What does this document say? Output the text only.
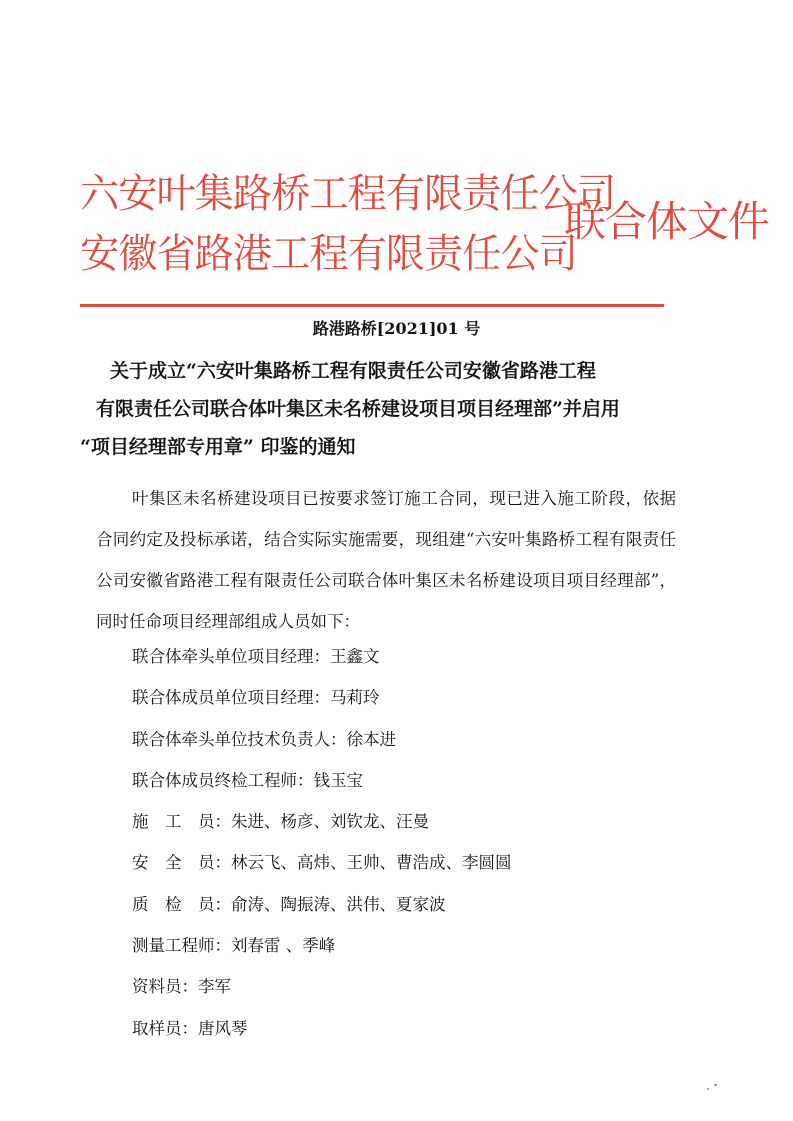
六安叶集路桥工程有限责任公司
安徽省路港工程有限责任公司
联合体文件
路港路桥[2021]01 号
关于成立“六安叶集路桥工程有限责任公司安徽省路港工程
有限责任公司联合体叶集区未名桥建设项目项目经理部”并启用
“项目经理部专用章” 印鉴的通知

叶集区未名桥建设项目已按要求签订施工合同，现已进入施工阶段，依据合同约定及投标承诺，结合实际实施需要，现组建“六安叶集路桥工程有限责任公司安徽省路港工程有限责任公司联合体叶集区未名桥建设项目项目经理部”，同时任命项目经理部组成人员如下：

联合体牵头单位项目经理：王鑫文
联合体成员单位项目经理：马莉玲
联合体牵头单位技术负责人：徐本进
联合体成员终检工程师：钱玉宝
施　工　员：朱进、杨彦、刘钦龙、汪曼
安　全　员：林云飞、高炜、王帅、曹浩成、李圆圆
质　检　员：俞涛、陶振涛、洪伟、夏家波
测量工程师：刘春雷 、季峰
资料员：李军
取样员：唐风琴
